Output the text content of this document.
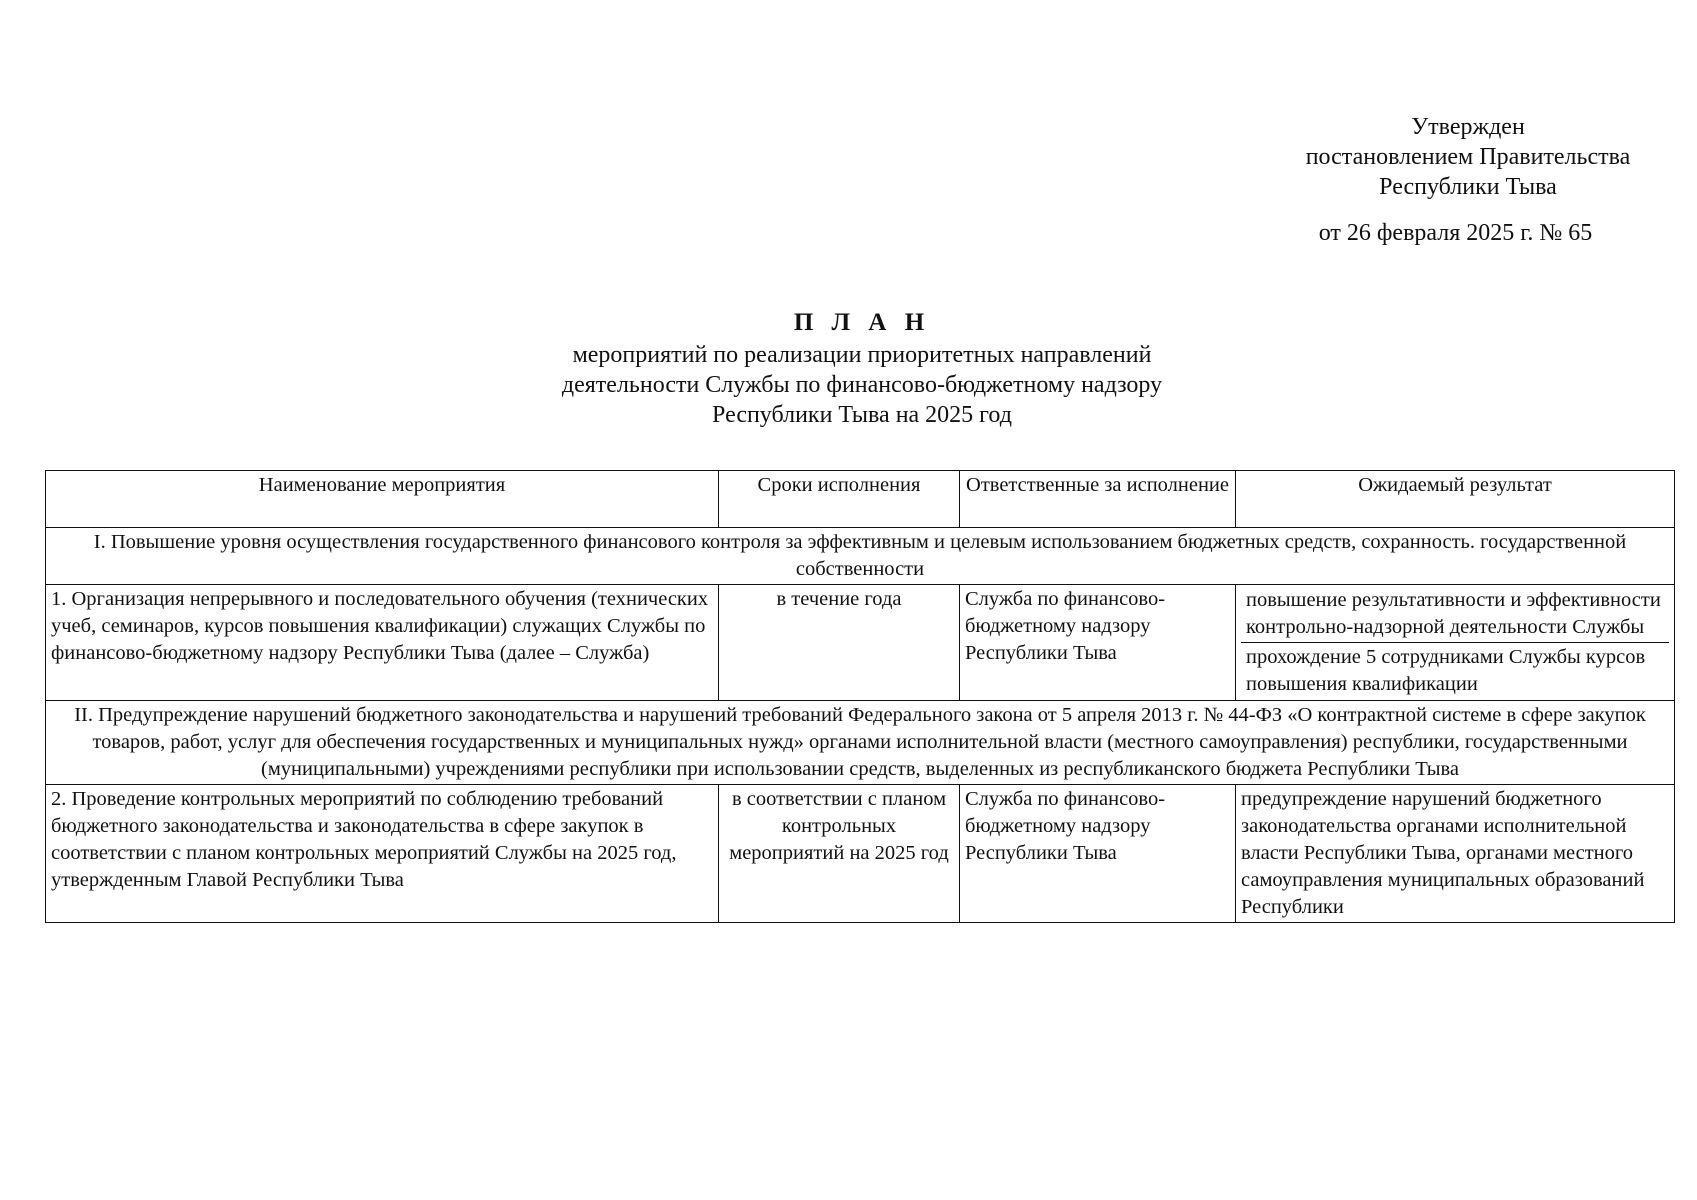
Утвержден
постановлением Правительства
Республики Тыва
от 26 февраля 2025 г. № 65
П Л А Н
мероприятий по реализации приоритетных направлений
деятельности Службы по финансово-бюджетному надзору
Республики Тыва на 2025 год
Наименование мероприятия	Сроки исполнения	Ответственные за исполнение	Ожидаемый результат
I. Повышение уровня осуществления государственного финансового контроля за эффективным и целевым использованием бюджетных средств, сохранность. государственной собственности			
1. Организация непрерывного и последовательного обучения (технических учеб, семинаров, курсов повышения квалификации) служащих Службы по финансово-бюджетному надзору Республики Тыва (далее – Служба)	в течение года	Служба по финансово-бюджетному надзору Республики Тыва	повышение результативности и эффективности контрольно-надзорной деятельности Службы
прохождение 5 сотрудниками Службы курсов повышения квалификации

II. Предупреждение нарушений бюджетного законодательства и нарушений требований Федерального закона от 5 апреля 2013 г. № 44-ФЗ «О контрактной системе в сфере закупок товаров, работ, услуг для обеспечения государственных и муниципальных нужд» органами исполнительной власти (местного самоуправления) республики, государственными (муниципальными) учреждениями республики при использовании средств, выделенных из республиканского бюджета Республики Тыва			
2. Проведение контрольных мероприятий по соблюдению требований бюджетного законодательства и законодательства в сфере закупок в соответствии с планом контрольных мероприятий Службы на 2025 год, утвержденным Главой Республики Тыва	в соответствии с планом контрольных мероприятий на 2025 год	Служба по финансово-бюджетному надзору Республики Тыва	предупреждение нарушений бюджетного законодательства органами исполнительной власти Республики Тыва, органами местного самоуправления муниципальных образований Республики
